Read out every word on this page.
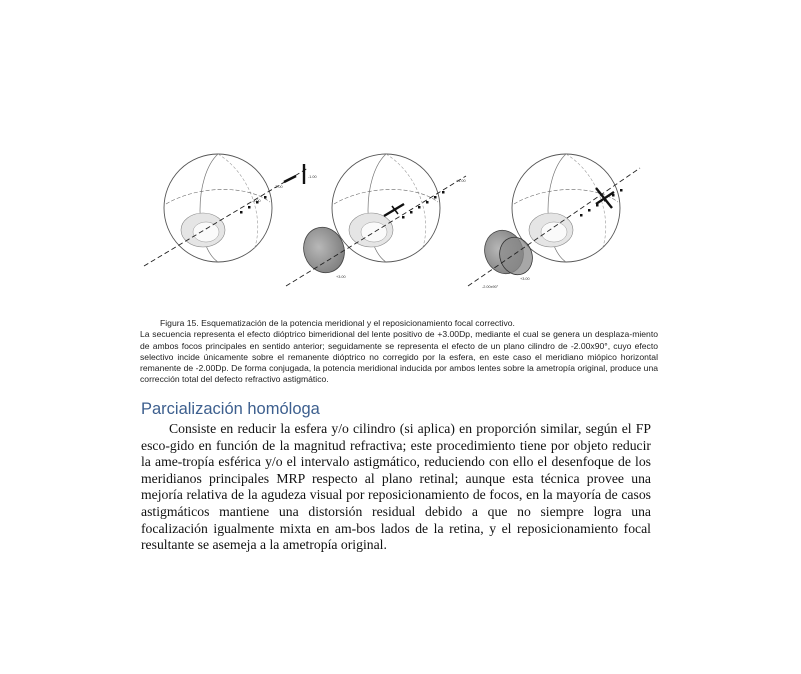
-1.00
-2.00
-3.00
+3.00
+1.00
-2.00x90°
+3.00
Figura 15. Esquematización de la potencia meridional y el reposicionamiento focal correctivo.
La secuencia representa el efecto dióptrico bimeridional del lente positivo de +3.00Dp, mediante el cual se genera un desplaza-miento de ambos focos principales en sentido anterior; seguidamente se representa el efecto de un plano cilindro de -2.00x90°, cuyo efecto selectivo incide únicamente sobre el remanente dióptrico no corregido por la esfera, en este caso el meridiano miópico horizontal remanente de -2.00Dp. De forma conjugada, la potencia meridional inducida por ambos lentes sobre la ametropía original, produce una corrección total del defecto refractivo astigmático.
Parcialización homóloga

Consiste en reducir la esfera y/o cilindro (si aplica) en proporción similar, según el FP esco-gido en función de la magnitud refractiva; este procedimiento tiene por objeto reducir la ame-tropía esférica y/o el intervalo astigmático, reduciendo con ello el desenfoque de los meridianos principales MRP respecto al plano retinal; aunque esta técnica provee una mejoría relativa de la agudeza visual por reposicionamiento de focos, en la mayoría de casos astigmáticos mantiene una distorsión residual debido a que no siempre logra una focalización igualmente mixta en am-bos lados de la retina, y el reposicionamiento focal resultante se asemeja a la ametropía original.
